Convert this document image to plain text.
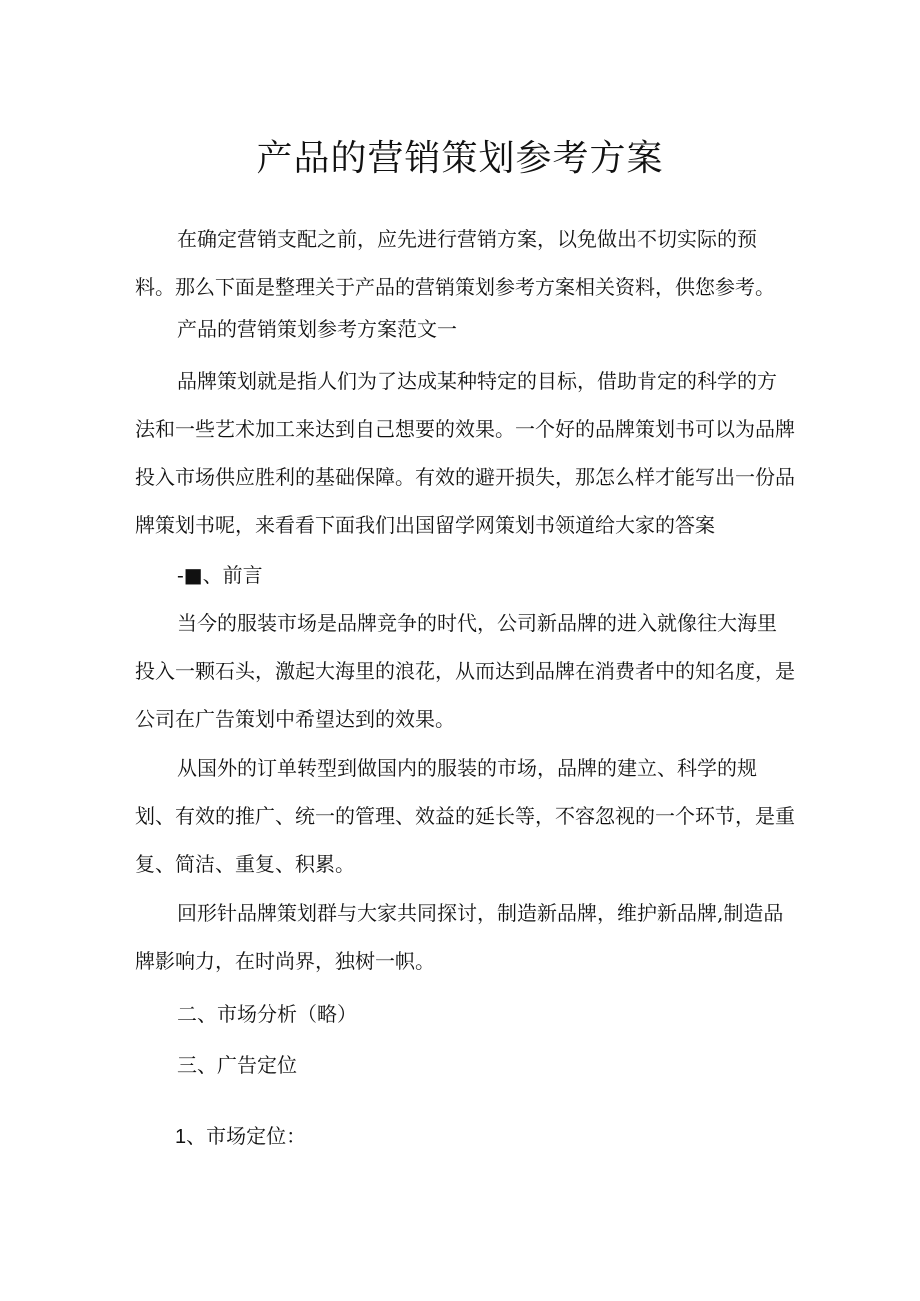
产品的营销策划参考方案

在确定营销支配之前，应先进行营销方案，以免做出不切实际的预料。那么下面是整理关于产品的营销策划参考方案相关资料，供您参考。

产品的营销策划参考方案范文一

品牌策划就是指人们为了达成某种特定的目标，借助肯定的科学的方法和一些艺术加工来达到自己想要的效果。一个好的品牌策划书可以为品牌投入市场供应胜利的基础保障。有效的避开损失，那怎么样才能写出一份品牌策划书呢，来看看下面我们出国留学网策划书领道给大家的答案

-■、前言

当今的服装市场是品牌竞争的时代，公司新品牌的进入就像往大海里投入一颗石头，激起大海里的浪花，从而达到品牌在消费者中的知名度，是公司在广告策划中希望达到的效果。

从国外的订单转型到做国内的服装的市场，品牌的建立、科学的规划、有效的推广、统一的管理、效益的延长等，不容忽视的一个环节，是重复、简洁、重复、积累。

回形针品牌策划群与大家共同探讨，制造新品牌，维护新品牌,制造品牌影响力，在时尚界，独树一帜。

二、市场分析（略）

三、广告定位

1、市场定位：
